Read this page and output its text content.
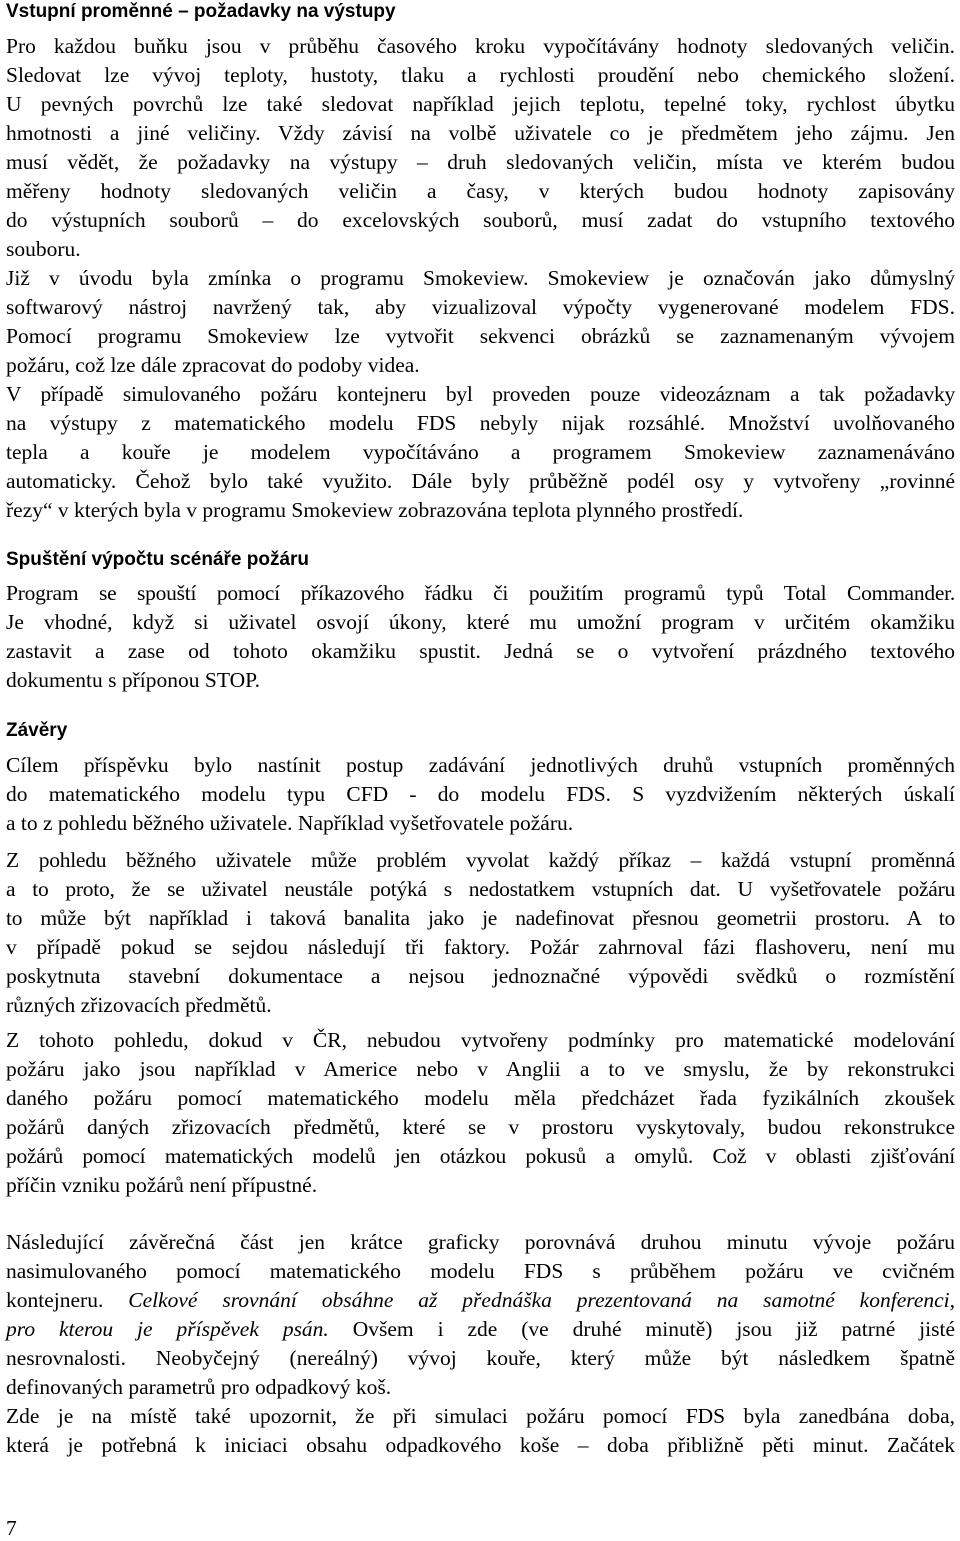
Vstupní proměnné – požadavky na výstupy
Pro každou buňku jsou v průběhu časového kroku vypočítávány hodnoty sledovaných veličin.
Sledovat lze vývoj teploty, hustoty, tlaku a rychlosti proudění nebo chemického složení.
U pevných povrchů lze také sledovat například jejich teplotu, tepelné toky, rychlost úbytku
hmotnosti a jiné veličiny. Vždy závisí na volbě uživatele co je předmětem jeho zájmu. Jen
musí vědět, že požadavky na výstupy – druh sledovaných veličin, místa ve kterém budou
měřeny hodnoty sledovaných veličin a časy, v kterých budou hodnoty zapisovány
do výstupních souborů – do excelovských souborů, musí zadat do vstupního textového
souboru.
Již v úvodu byla zmínka o programu Smokeview. Smokeview je označován jako důmyslný
softwarový nástroj navržený tak, aby vizualizoval výpočty vygenerované modelem FDS.
Pomocí programu Smokeview lze vytvořit sekvenci obrázků se zaznamenaným vývojem
požáru, což lze dále zpracovat do podoby videa.
V případě simulovaného požáru kontejneru byl proveden pouze videozáznam a tak požadavky
na výstupy z matematického modelu FDS nebyly nijak rozsáhlé. Množství uvolňovaného
tepla a kouře je modelem vypočítáváno a programem Smokeview zaznamenáváno
automaticky. Čehož bylo také využito. Dále byly průběžně podél osy y vytvořeny „rovinné
řezy“ v kterých byla v programu Smokeview zobrazována teplota plynného prostředí.
Spuštění výpočtu scénáře požáru
Program se spouští pomocí příkazového řádku či použitím programů typů Total Commander.
Je vhodné, když si uživatel osvojí úkony, které mu umožní program v určitém okamžiku
zastavit a zase od tohoto okamžiku spustit. Jedná se o vytvoření prázdného textového
dokumentu s příponou STOP.
Závěry
Cílem příspěvku bylo nastínit postup zadávání jednotlivých druhů vstupních proměnných
do matematického modelu typu CFD - do modelu FDS. S vyzdvižením některých úskalí
a to z pohledu běžného uživatele. Například vyšetřovatele požáru.
Z pohledu běžného uživatele může problém vyvolat každý příkaz – každá vstupní proměnná
a to proto, že se uživatel neustále potýká s nedostatkem vstupních dat. U vyšetřovatele požáru
to může být například i taková banalita jako je nadefinovat přesnou geometrii prostoru. A to
v případě pokud se sejdou následují tři faktory. Požár zahrnoval fázi flashoveru, není mu
poskytnuta stavební dokumentace a nejsou jednoznačné výpovědi svědků o rozmístění
různých zřizovacích předmětů.
Z tohoto pohledu, dokud v ČR, nebudou vytvořeny podmínky pro matematické modelování
požáru jako jsou například v Americe nebo v Anglii a to ve smyslu, že by rekonstrukci
daného požáru pomocí matematického modelu měla předcházet řada fyzikálních zkoušek
požárů daných zřizovacích předmětů, které se v prostoru vyskytovaly, budou rekonstrukce
požárů pomocí matematických modelů jen otázkou pokusů a omylů. Což v oblasti zjišťování
příčin vzniku požárů není přípustné.
Následující závěrečná část jen krátce graficky porovnává druhou minutu vývoje požáru
nasimulovaného pomocí matematického modelu FDS s průběhem požáru ve cvičném
kontejneru. Celkové srovnání obsáhne až přednáška prezentovaná na samotné konferenci,
pro kterou je příspěvek psán. Ovšem i zde (ve druhé minutě) jsou již patrné jisté
nesrovnalosti. Neobyčejný (nereálný) vývoj kouře, který může být následkem špatně
definovaných parametrů pro odpadkový koš.
Zde je na místě také upozornit, že při simulaci požáru pomocí FDS byla zanedbána doba,
která je potřebná k iniciaci obsahu odpadkového koše – doba přibližně pěti minut. Začátek
7
